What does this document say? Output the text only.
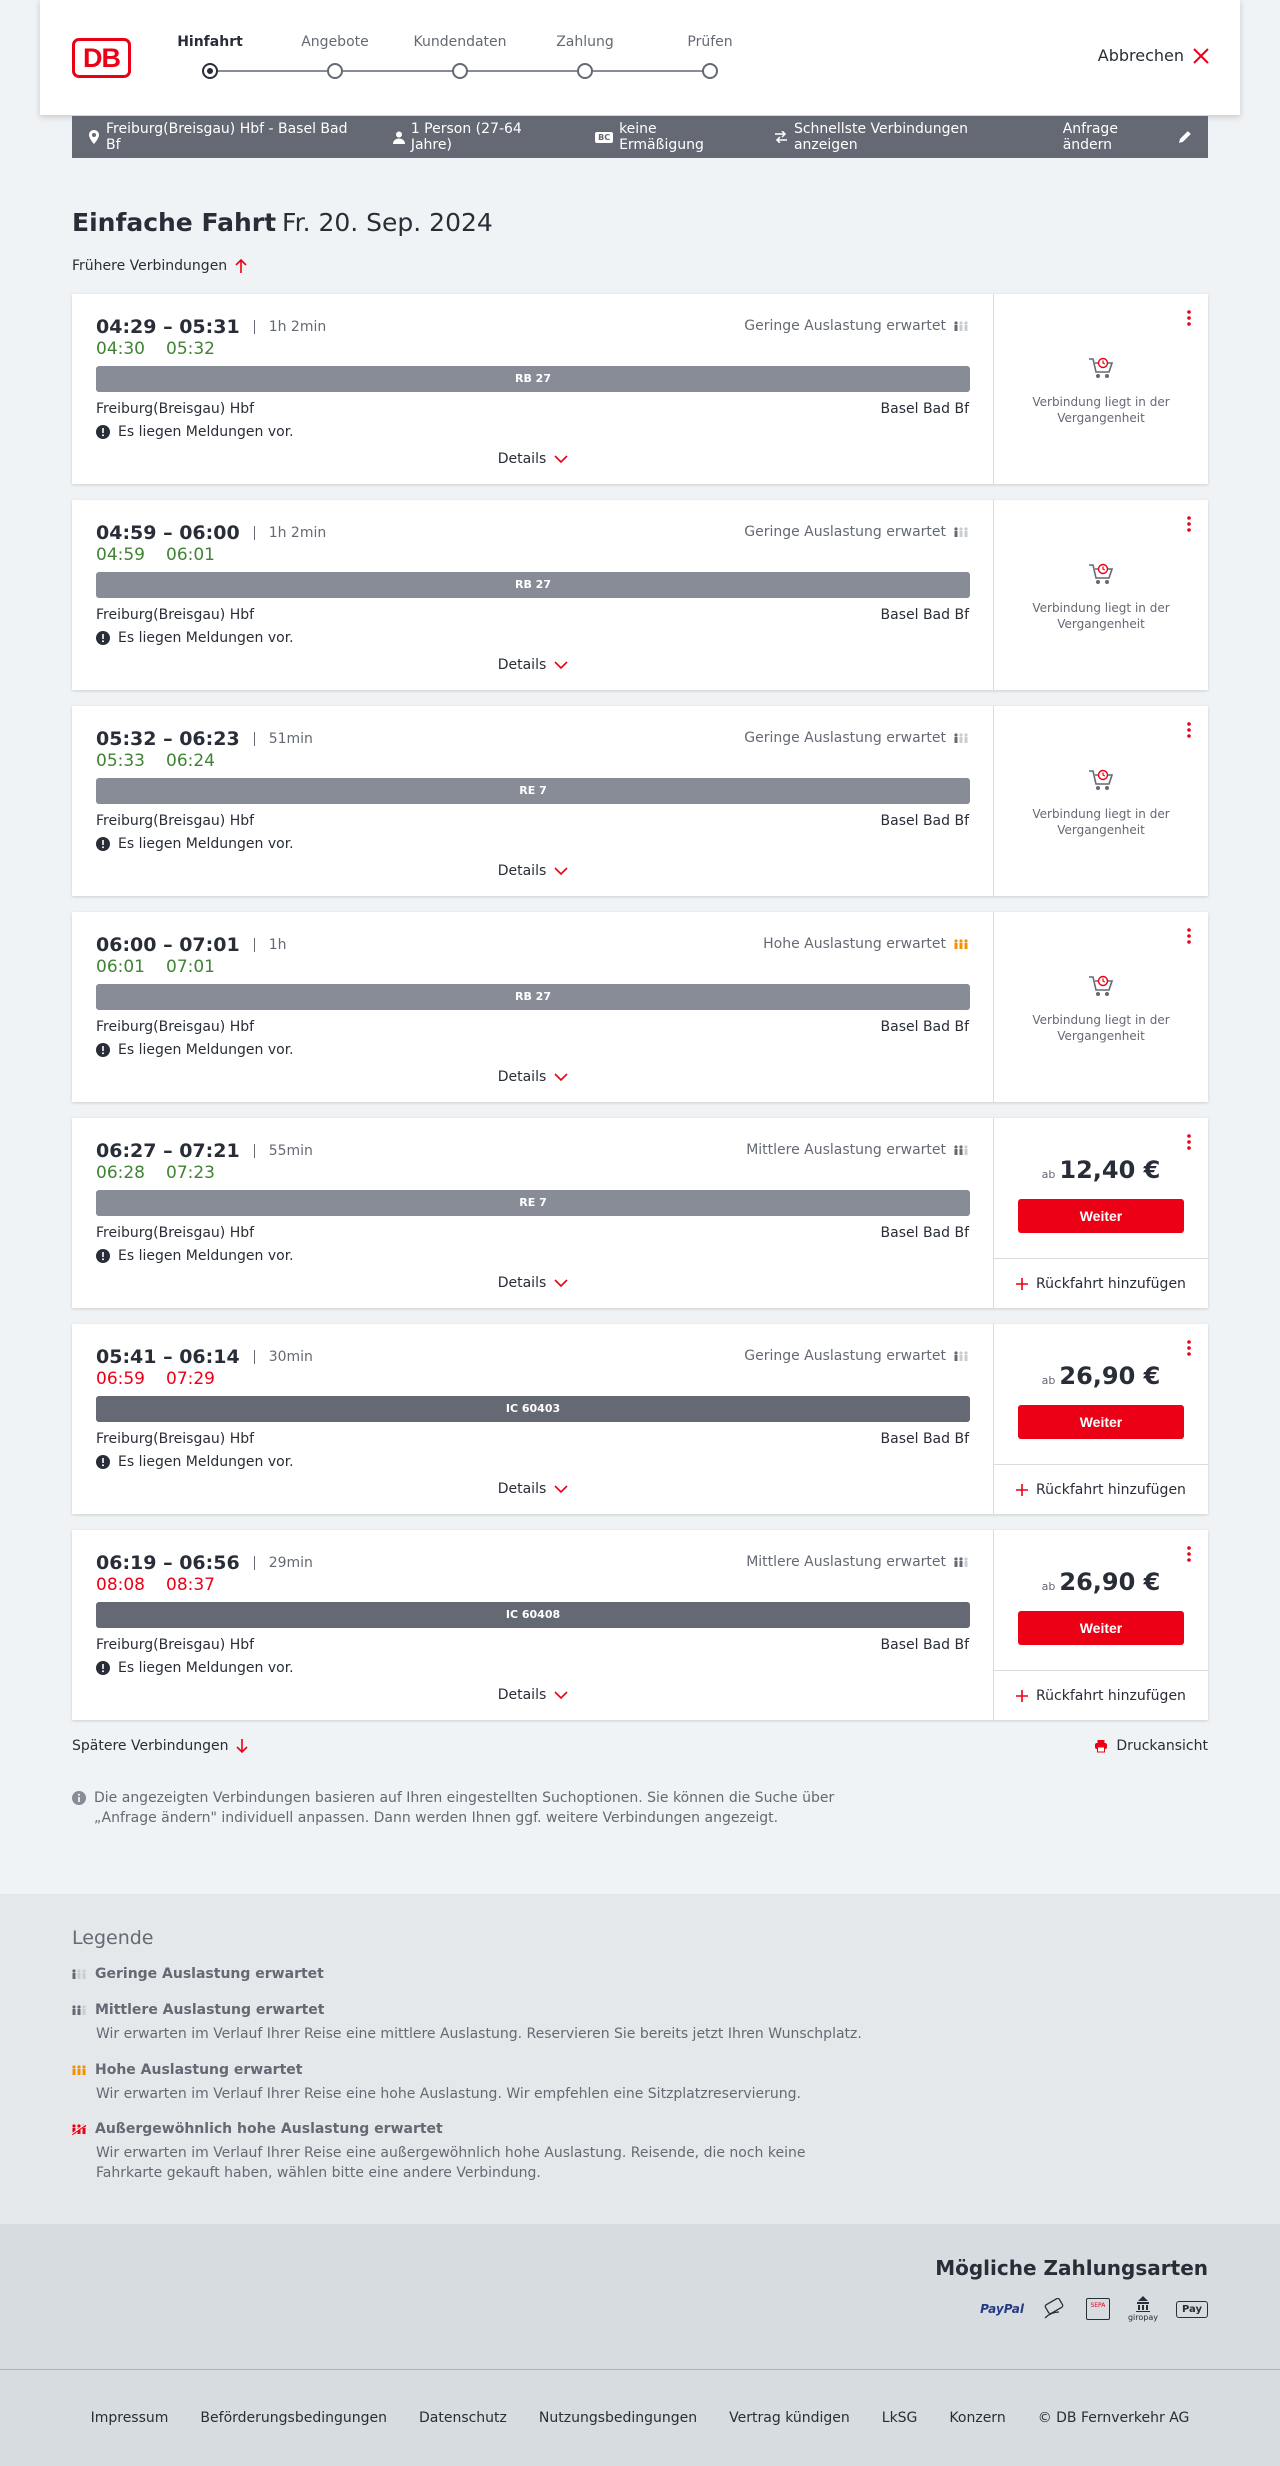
DB
Hinfahrt	Angebote	Kundendaten	Zahlung	Prüfen
Abbrechen
Freiburg(Breisgau) Hbf - Basel Bad Bf
1 Person (27-64 Jahre)	BC keine Ermäßigung
Schnellste Verbindungen anzeigen
Anfrage ändern
Einfache Fahrt Fr. 20. Sep. 2024
Frühere Verbindungen
04:29 – 05:31	1h 2min
04:30 05:32
Geringe Auslastung erwartet
RB 27
Freiburg(Breisgau) Hbf	Basel Bad Bf
Es liegen Meldungen vor.
Details
Verbindung liegt in der Vergangenheit
04:59 – 06:00	1h 2min
04:59 06:01
Geringe Auslastung erwartet
RB 27
Freiburg(Breisgau) Hbf	Basel Bad Bf
Es liegen Meldungen vor.
Details
Verbindung liegt in der Vergangenheit
05:32 – 06:23	51min
05:33 06:24
Geringe Auslastung erwartet
RE 7
Freiburg(Breisgau) Hbf	Basel Bad Bf
Es liegen Meldungen vor.
Details
Verbindung liegt in der Vergangenheit
06:00 – 07:01	1h
06:01 07:01
Hohe Auslastung erwartet
RB 27
Freiburg(Breisgau) Hbf	Basel Bad Bf
Es liegen Meldungen vor.
Details
Verbindung liegt in der Vergangenheit
06:27 – 07:21	55min
06:28 07:23
Mittlere Auslastung erwartet
RE 7
Freiburg(Breisgau) Hbf	Basel Bad Bf
Es liegen Meldungen vor.
Details
ab 12,40 €
Weiter
Rückfahrt hinzufügen
05:41 – 06:14	30min
06:59 07:29
Geringe Auslastung erwartet
IC 60403
Freiburg(Breisgau) Hbf	Basel Bad Bf
Es liegen Meldungen vor.
Details
ab 26,90 €
Weiter
Rückfahrt hinzufügen
06:19 – 06:56	29min
08:08 08:37
Mittlere Auslastung erwartet
IC 60408
Freiburg(Breisgau) Hbf	Basel Bad Bf
Es liegen Meldungen vor.
Details
ab 26,90 €
Weiter
Rückfahrt hinzufügen
Spätere Verbindungen	Druckansicht
Die angezeigten Verbindungen basieren auf Ihren eingestellten Suchoptionen. Sie können die Suche über „Anfrage ändern" individuell anpassen. Dann werden Ihnen ggf. weitere Verbindungen angezeigt.
Legende
Geringe Auslastung erwartet
Mittlere Auslastung erwartet
Wir erwarten im Verlauf Ihrer Reise eine mittlere Auslastung. Reservieren Sie bereits jetzt Ihren Wunschplatz.
Hohe Auslastung erwartet
Wir erwarten im Verlauf Ihrer Reise eine hohe Auslastung. Wir empfehlen eine Sitzplatzreservierung.
Außergewöhnlich hohe Auslastung erwartet
Wir erwarten im Verlauf Ihrer Reise eine außergewöhnlich hohe Auslastung. Reisende, die noch keine Fahrkarte gekauft haben, wählen bitte eine andere Verbindung.
Mögliche Zahlungsarten
PayPal	SEPA
giropay
Pay
Impressum Beförderungsbedingungen Datenschutz Nutzungsbedingungen Vertrag kündigen LkSG Konzern © DB Fernverkehr AG
